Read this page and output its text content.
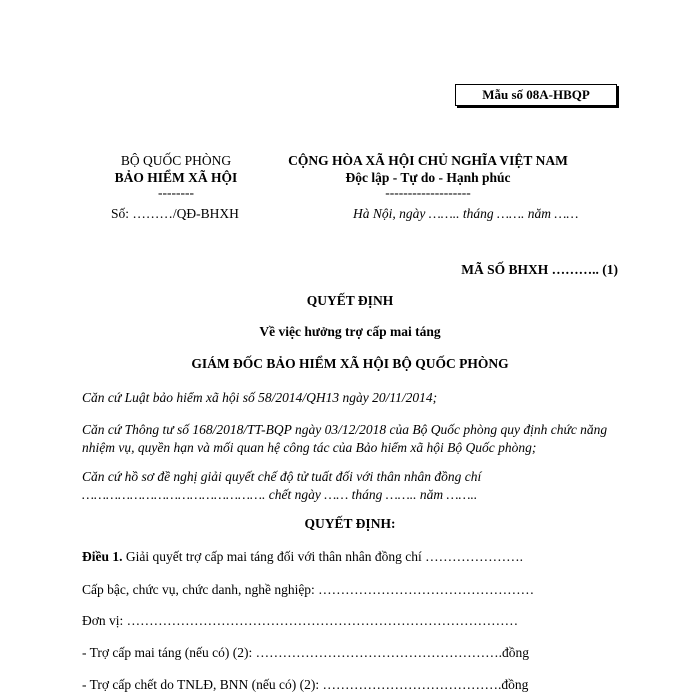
Mẫu số 08A-HBQP
BỘ QUỐC PHÒNG
BẢO HIỂM XÃ HỘI
--------
Số: ………/QĐ-BHXH
CỘNG HÒA XÃ HỘI CHỦ NGHĨA VIỆT NAM
Độc lập - Tự do - Hạnh phúc
-------------------
Hà Nội, ngày …….. tháng ……. năm ……
MÃ SỐ BHXH ……….. (1)
QUYẾT ĐỊNH
Về việc hưởng trợ cấp mai táng
GIÁM ĐỐC BẢO HIỂM XÃ HỘI BỘ QUỐC PHÒNG
Căn cứ Luật bảo hiểm xã hội số 58/2014/QH13 ngày 20/11/2014;
Căn cứ Thông tư số 168/2018/TT-BQP ngày 03/12/2018 của Bộ Quốc phòng quy định chức năng nhiệm vụ, quyền hạn và mối quan hệ công tác của Bảo hiểm xã hội Bộ Quốc phòng;
Căn cứ hồ sơ đề nghị giải quyết chế độ tử tuất đối với thân nhân đồng chí
………………………………………. chết ngày …… tháng …….. năm ……..
QUYẾT ĐỊNH:
Điều 1. Giải quyết trợ cấp mai táng đối với thân nhân đồng chí ………………….
Cấp bậc, chức vụ, chức danh, nghề nghiệp: …………………………………………
Đơn vị: ……………………………………………………………………………
- Trợ cấp mai táng (nếu có) (2): ……………………………………………….đồng
- Trợ cấp chết do TNLĐ, BNN (nếu có) (2): ………………………………….đồng
